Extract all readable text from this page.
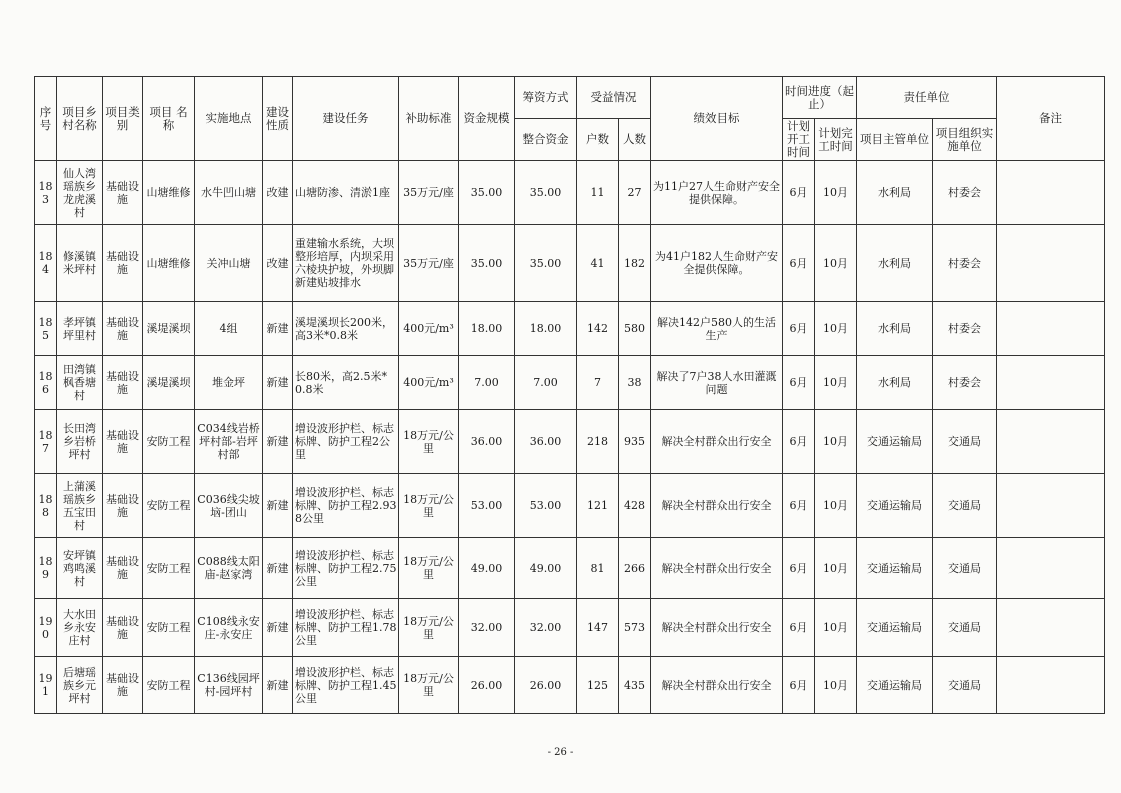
序号	项目乡村名称	项目类别	项目 名称	实施地点	建设性质	建设任务	补助标准	资金规模	筹资方式	受益情况		绩效目标	时间进度（起止）		责任单位		备注
									整合资金	户数	人数		计划开工时间	计划完工时间	项目主管单位	项目组织实施单位	
183	仙人湾瑶族乡龙虎溪村	基础设施	山塘维修	水牛凹山塘	改建	山塘防渗、清淤1座	35万元/座	35.00	35.00	11	27	为11户27人生命财产安全提供保障。	6月	10月	水利局	村委会	
184	修溪镇米坪村	基础设施	山塘维修	关冲山塘	改建	重建输水系统，大坝整形培厚，内坝采用六棱块护坡，外坝脚新建贴坡排水	35万元/座	35.00	35.00	41	182	为41户182人生命财产安全提供保障。	6月	10月	水利局	村委会	
185	孝坪镇坪里村	基础设施	溪堤溪坝	4组	新建	溪堤溪坝长200米，高3米*0.8米	400元/m³	18.00	18.00	142	580	解决142户580人的生活生产	6月	10月	水利局	村委会	
186	田湾镇枫香塘村	基础设施	溪堤溪坝	堆金坪	新建	长80米，高2.5米*0.8米	400元/m³	7.00	7.00	7	38	解决了7户38人水田灌溉问题	6月	10月	水利局	村委会	
187	长田湾乡岩桥坪村	基础设施	安防工程	C034线岩桥坪村部-岩坪村部	新建	增设波形护栏、标志标牌、防护工程2公里	18万元/公里	36.00	36.00	218	935	解决全村群众出行安全	6月	10月	交通运输局	交通局	
188	上蒲溪瑶族乡五宝田村	基础设施	安防工程	C036线尖坡垴-团山	新建	增设波形护栏、标志标牌、防护工程2.938公里	18万元/公里	53.00	53.00	121	428	解决全村群众出行安全	6月	10月	交通运输局	交通局	
189	安坪镇鸡鸣溪村	基础设施	安防工程	C088线太阳庙-赵家湾	新建	增设波形护栏、标志标牌、防护工程2.75公里	18万元/公里	49.00	49.00	81	266	解决全村群众出行安全	6月	10月	交通运输局	交通局	
190	大水田乡永安庄村	基础设施	安防工程	C108线永安庄-永安庄	新建	增设波形护栏、标志标牌、防护工程1.78公里	18万元/公里	32.00	32.00	147	573	解决全村群众出行安全	6月	10月	交通运输局	交通局	
191	后塘瑶族乡元坪村	基础设施	安防工程	C136线园坪村-园坪村	新建	增设波形护栏、标志标牌、防护工程1.45公里	18万元/公里	26.00	26.00	125	435	解决全村群众出行安全	6月	10月	交通运输局	交通局	
- 26 -
